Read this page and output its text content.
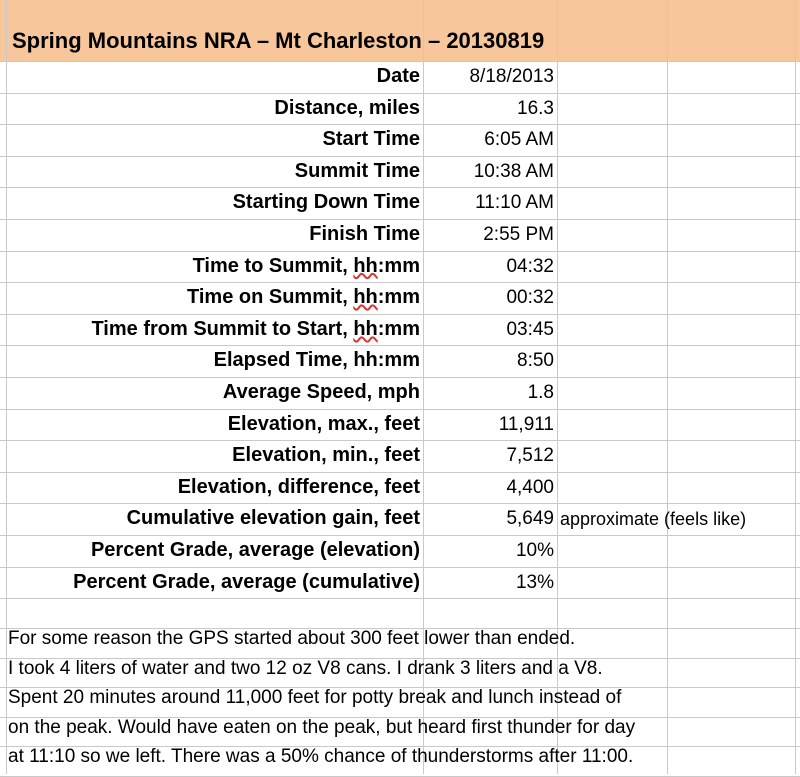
Spring Mountains NRA – Mt Charleston – 20130819
Date	8/18/2013
Distance, miles	16.3
Start Time	6:05 AM
Summit Time	10:38 AM
Starting Down Time	11:10 AM
Finish Time	2:55 PM
Time to Summit, hh:mm	04:32
Time on Summit, hh:mm	00:32
Time from Summit to Start, hh:mm	03:45
Elapsed Time, hh:mm	8:50
Average Speed, mph	1.8
Elevation, max., feet	11,911
Elevation, min., feet	7,512
Elevation, difference, feet	4,400
Cumulative elevation gain, feet	5,649 approximate (feels like)
Percent Grade, average (elevation)	10%
Percent Grade, average (cumulative)	13%
For some reason the GPS started about 300 feet lower than ended.
I took 4 liters of water and two 12 oz V8 cans. I drank 3 liters and a V8.
Spent 20 minutes around 11,000 feet for potty break and lunch instead of
on the peak. Would have eaten on the peak, but heard first thunder for day
at 11:10 so we left. There was a 50% chance of thunderstorms after 11:00.
